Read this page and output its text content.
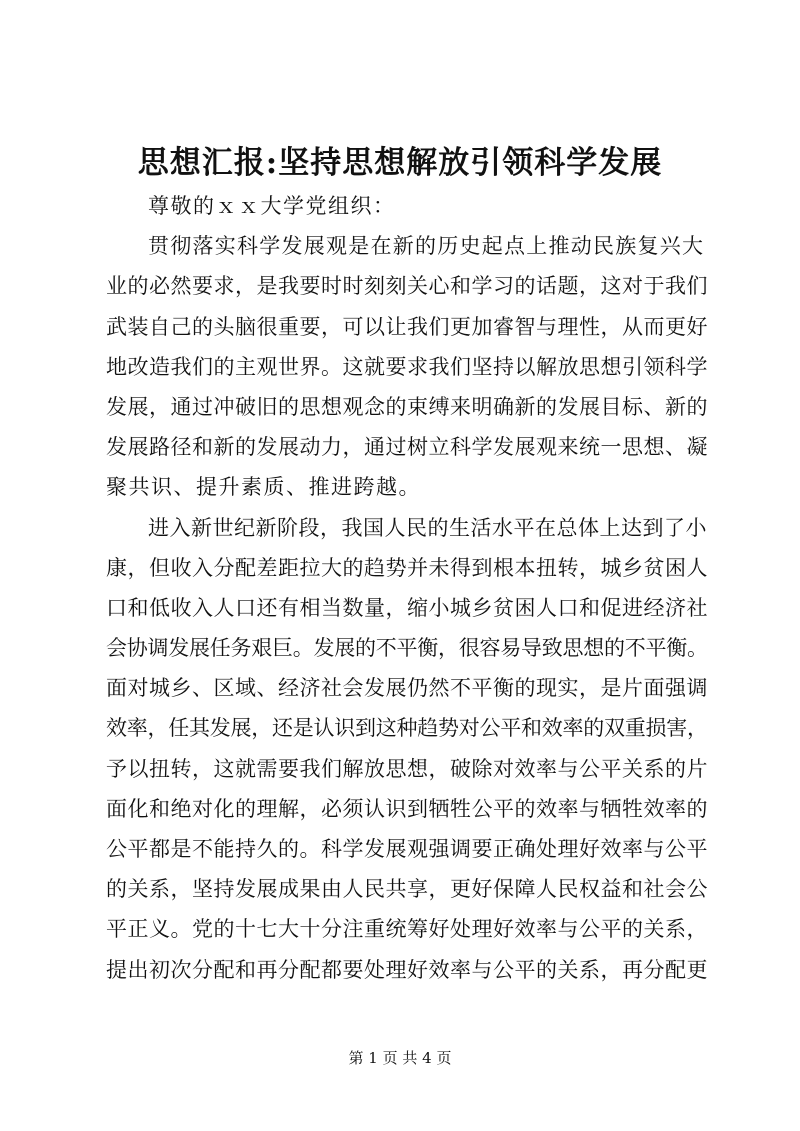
思想汇报:坚持思想解放引领科学发展
尊敬的ｘｘ大学党组织：
贯彻落实科学发展观是在新的历史起点上推动民族复兴大
业的必然要求，是我要时时刻刻关心和学习的话题，这对于我们
武装自己的头脑很重要，可以让我们更加睿智与理性，从而更好
地改造我们的主观世界。这就要求我们坚持以解放思想引领科学
发展，通过冲破旧的思想观念的束缚来明确新的发展目标、新的
发展路径和新的发展动力，通过树立科学发展观来统一思想、凝
聚共识、提升素质、推进跨越。
进入新世纪新阶段，我国人民的生活水平在总体上达到了小
康，但收入分配差距拉大的趋势并未得到根本扭转，城乡贫困人
口和低收入人口还有相当数量，缩小城乡贫困人口和促进经济社
会协调发展任务艰巨。发展的不平衡，很容易导致思想的不平衡。
面对城乡、区域、经济社会发展仍然不平衡的现实，是片面强调
效率，任其发展，还是认识到这种趋势对公平和效率的双重损害，
予以扭转，这就需要我们解放思想，破除对效率与公平关系的片
面化和绝对化的理解，必须认识到牺牲公平的效率与牺牲效率的
公平都是不能持久的。科学发展观强调要正确处理好效率与公平
的关系，坚持发展成果由人民共享，更好保障人民权益和社会公
平正义。党的十七大十分注重统筹好处理好效率与公平的关系，
提出初次分配和再分配都要处理好效率与公平的关系，再分配更
第 1 页 共 4 页
